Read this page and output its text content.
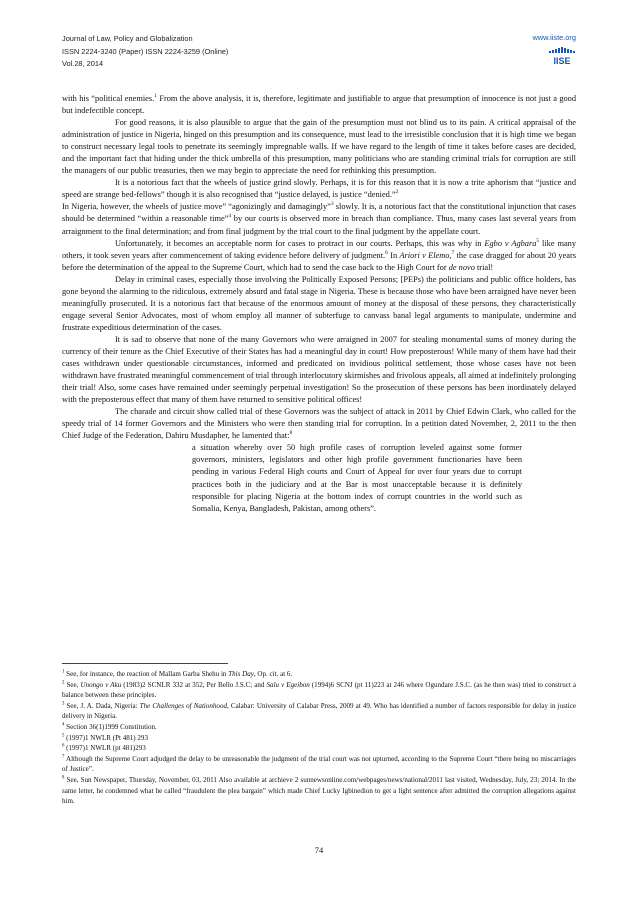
Journal of Law, Policy and Globalization
ISSN 2224-3240 (Paper) ISSN 2224-3259 (Online)
Vol.28, 2014
www.iiste.org
IISE

with his “political enemies.$^1$ From the above analysis, it is, therefore, legitimate and justifiable to argue that presumption of innocence is not just a good but indefectible concept.

For good reasons, it is also plausible to argue that the gain of the presumption must not blind us to its pain. A critical appraisal of the administration of justice in Nigeria, hinged on this presumption and its consequence, must lead to the irresistible conclusion that it is high time we began to construct necessary legal tools to penetrate its seemingly impregnable walls. If we have regard to the length of time it takes before cases are decided, and the important fact that hiding under the thick umbrella of this presumption, many politicians who are standing criminal trials for corruption are still the managers of our public treasuries, then we may begin to appreciate the need for rethinking this presumption.

It is a notorious fact that the wheels of justice grind slowly. Perhaps, it is for this reason that it is now a trite aphorism that “justice and speed are strange bed-fellows” though it is also recognised that “justice delayed, is justice “denied.”$^2$

In Nigeria, however, the wheels of justice move” “agonizingly and damagingly”$^3$ slowly. It is, a notorious fact that the constitutional injunction that cases should be determined “within a reasonable time”$^4$ by our courts is observed more in breach than compliance. Thus, many cases last several years from arraignment to the final determination; and from final judgment by the trial court to the final judgment by the appellate court.

Unfortunately, it becomes an acceptable norm for cases to protract in our courts. Perhaps, this was why in Egbo v Agbara$^5$ like many others, it took seven years after commencement of taking evidence before delivery of judgment.$^6$ In Ariori v Elemo,$^7$ the case dragged for about 20 years before the determination of the appeal to the Supreme Court, which had to send the case back to the High Court for de novo trial!

Delay in criminal cases, especially those involving the Politically Exposed Persons; [PEPs) the politicians and public office holders, has gone beyond the alarming to the ridiculous, extremely absurd and fatal stage in Nigeria. These is because those who have been arraigned have never been meaningfully prosecuted. It is a notorious fact that because of the enormous amount of money at the disposal of these persons, they characteristically engage several Senior Advocates, most of whom employ all manner of subterfuge to canvass banal legal arguments to manipulate, undermine and frustrate expeditious determination of the cases.

It is sad to observe that none of the many Governors who were arraigned in 2007 for stealing monumental sums of money during the currency of their tenure as the Chief Executive of their States has had a meaningful day in court! How preposterous! While many of them have had their cases withdrawn under questionable circumstances, informed and predicated on invidious political settlement, those whose cases have not been withdrawn have frustrated meaningful commencement of trial through interlocutory skirmishes and frivolous appeals, all aimed at indefinitely prolonging their trial! Also, some cases have remained under seemingly perpetual investigation! So the prosecution of these persons has been inordinately delayed with the preposterous effect that many of them have returned to sensitive political offices!

The charade and circuit show called trial of these Governors was the subject of attack in 2011 by Chief Edwin Clark, who called for the speedy trial of 14 former Governors and the Ministers who were then standing trial for corruption. In a petition dated November, 2, 2011 to the then Chief Judge of the Federation, Dahiru Musdapher, he lamented that:$^8$

a situation whereby over 50 high profile cases of corruption leveled against some former governors, ministers, legislators and other high profile government functionaries have been pending in various Federal High courts and Court of Appeal for over four years due to corrupt practices both in the judiciary and at the Bar is most unacceptable because it is definitely responsible for placing Nigeria at the bottom index of corrupt countries in the world such as Somalia, Kenya, Bangladesh, Pakistan, among others”.

$^1$ See, for instance, the reaction of Mallam Garba Shehu in This Day, Op. cit. at 6.

$^2$ See, Unongo v Aku (1983)2 SCNLR 332 at 352, Per Bello J.S.C; and Salu v Egeibon (1994)6 SCNJ (pt 11)223 at 246 where Ogundare J.S.C. (as he then was) tried to construct a balance between these principles.

$^3$ See, J. A. Dada, Nigeria: The Challenges of Nationhood, Calabar: University of Calabar Press, 2009 at 49. Who has identified a number of factors responsible for delay in justice delivery in Nigeria.

$^4$ Section 36(1)1999 Constitution.

$^5$ (1997)1 NWLR (Pt 481) 293

$^6$ (1997)1 NWLR (pt 481)293

$^7$ Although the Supreme Court adjudged the delay to be unreasonable the judgment of the trial court was not upturned, according to the Supreme Court “there being no miscarriages of Justice”.

$^8$ See, Sun Newspaper, Thursday, November, 03, 2011 Also available at archieve 2 sunnewsonline.com/webpages/news/national/2011 last visited, Wednesday, July, 23; 2014. In the same letter, he condemned what he called “fraudulent the plea bargain” which made Chief Lucky Igbinedion to get a light sentence after admitted the corruption allegations against him.

74
